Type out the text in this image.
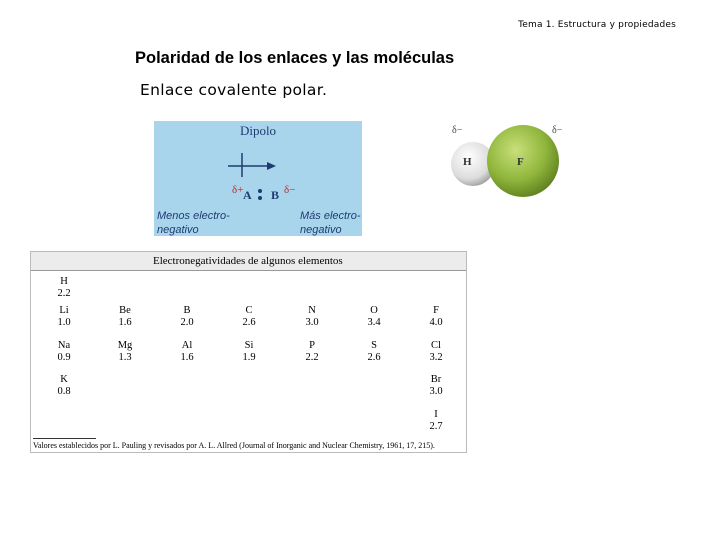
Tema 1. Estructura y propiedades
Polaridad de los enlaces y las moléculas
Enlace covalente polar.
Dipolo
δ+ A B δ−
Menos electro-negativo
Más electro-negativo
δ−	δ−
H	F
Electronegatividades de algunos elementos
H
2.2
Li
1.0
Be
1.6
B
2.0
C
2.6
N
3.0
O
3.4
F
4.0
Na
0.9
Mg
1.3
Al
1.6
Si
1.9
P
2.2
S
2.6
Cl
3.2
K
0.8
Br
3.0
I
2.7
Valores establecidos por L. Pauling y revisados por A. L. Allred (Journal of Inorganic and Nuclear Chemistry, 1961, 17, 215).
